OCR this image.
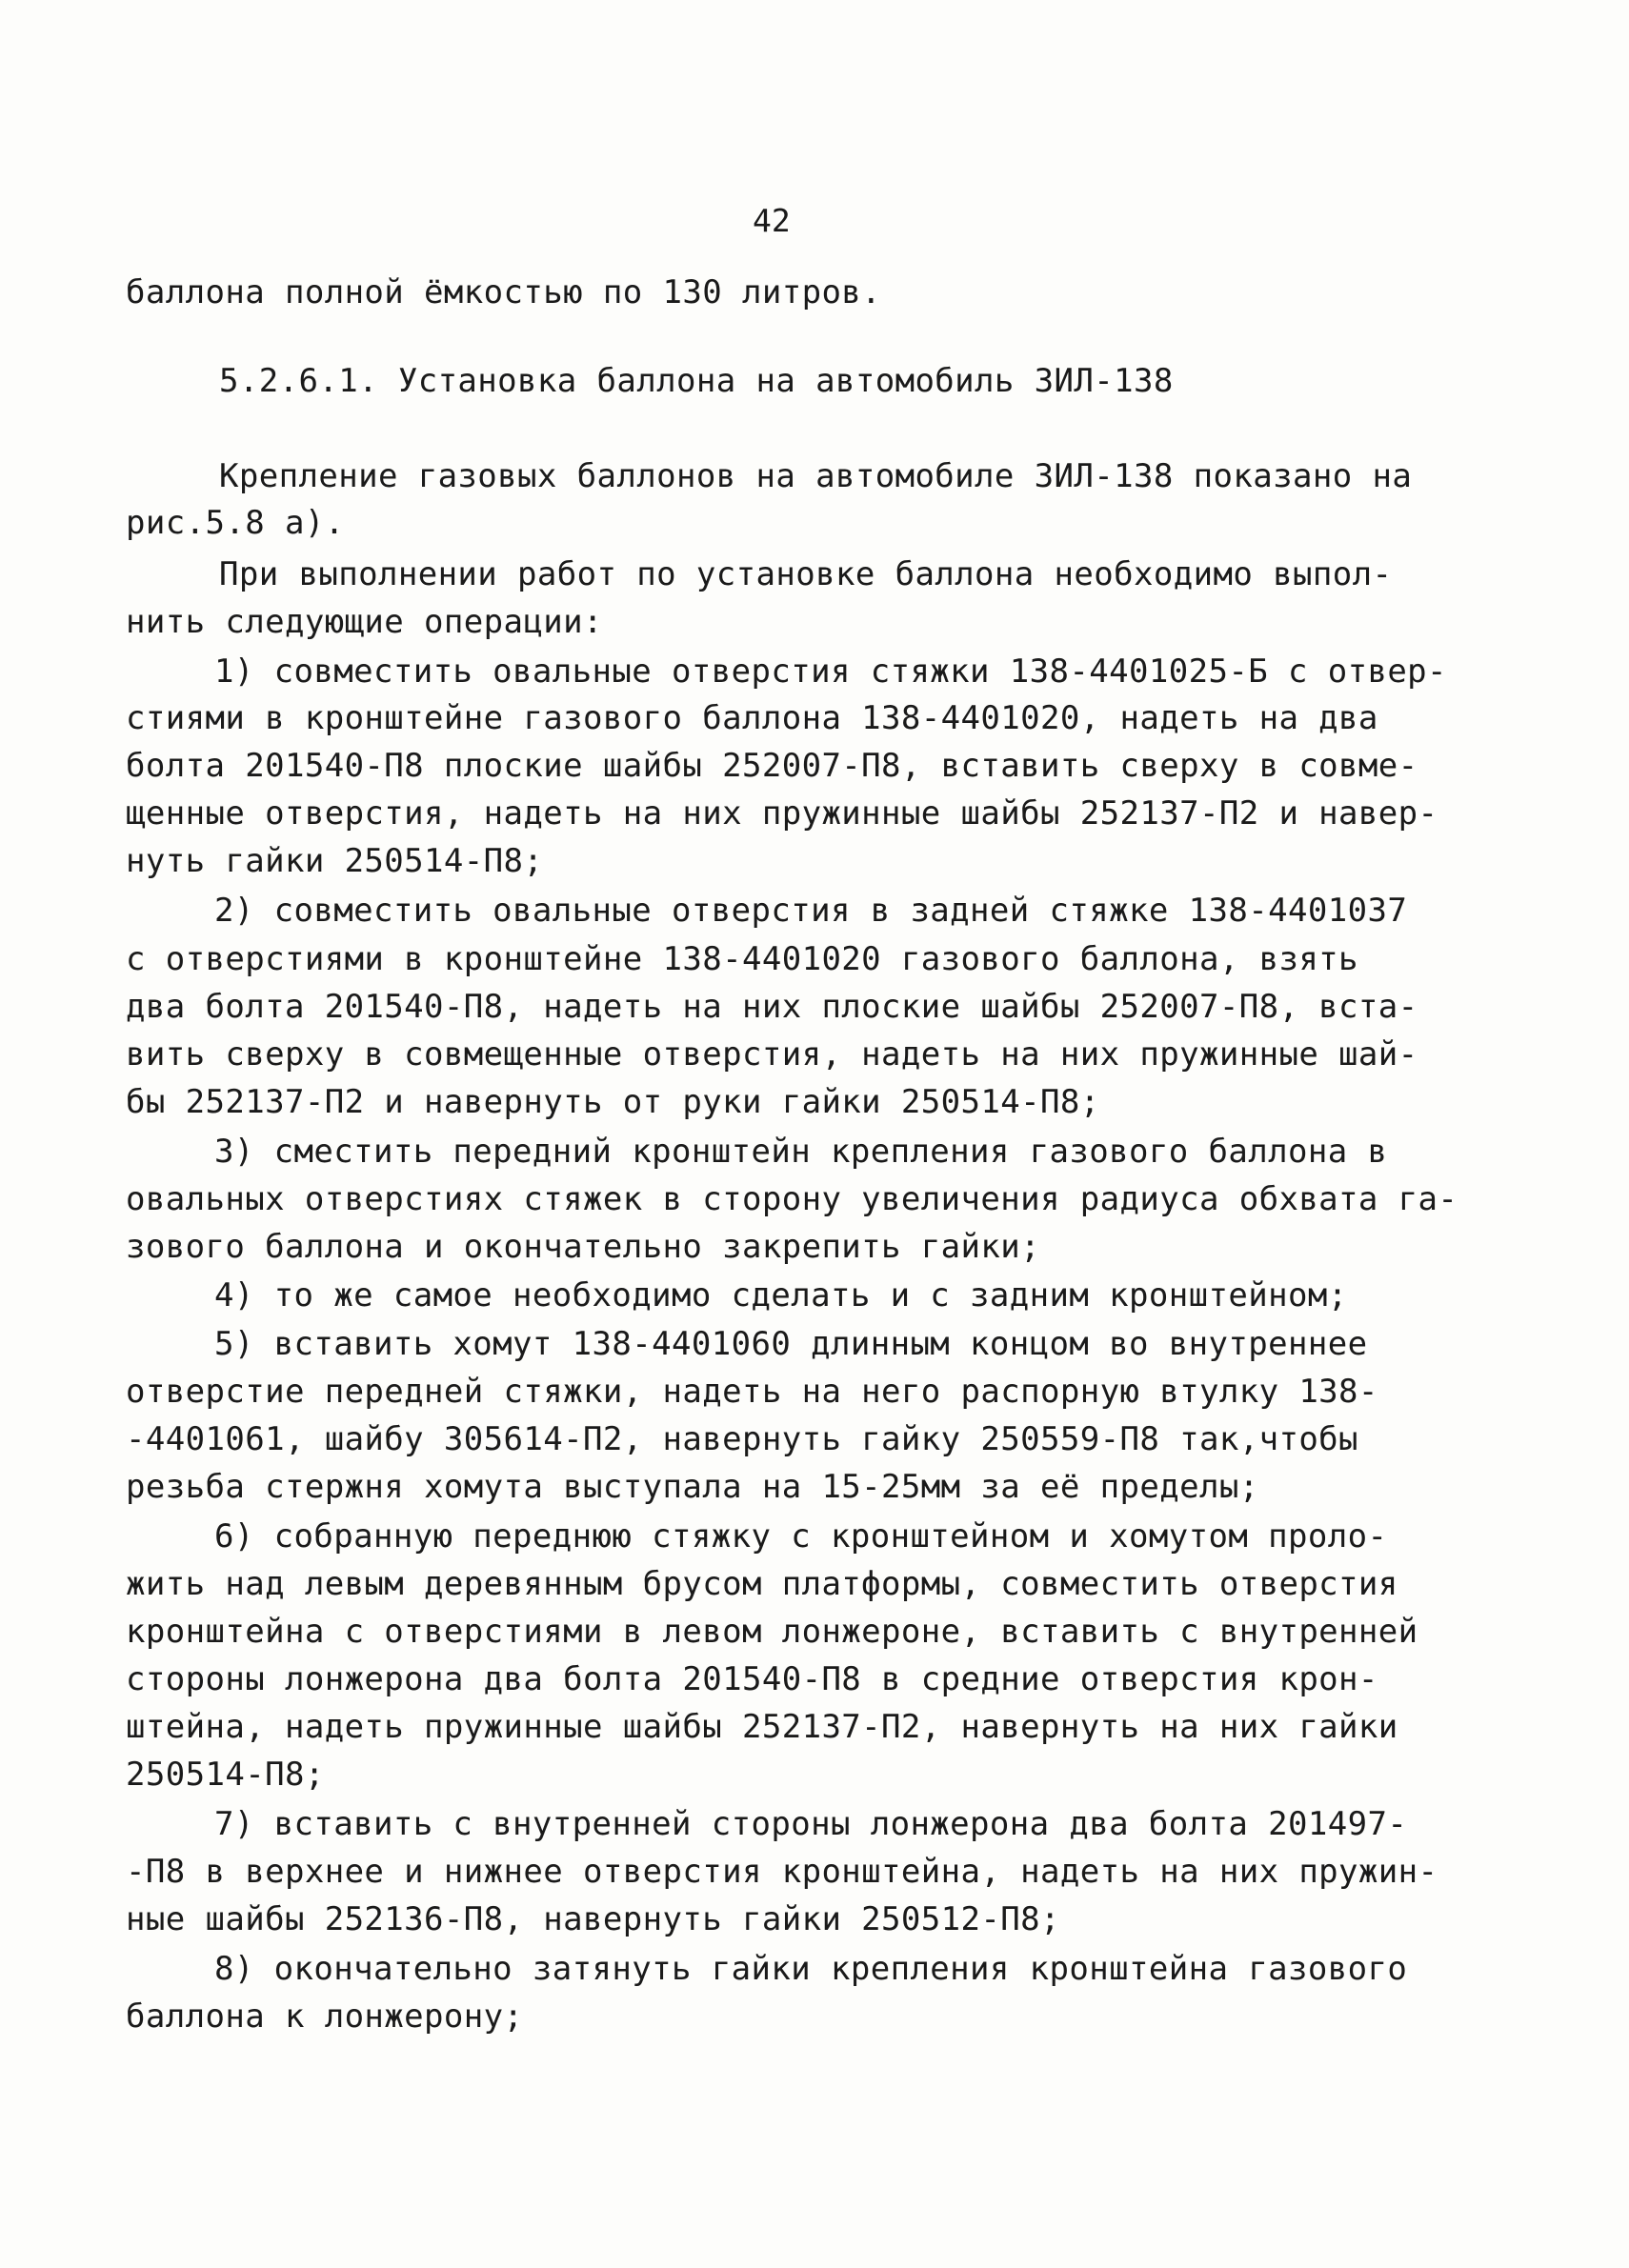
42
баллона полной ёмкостью по 130 литров.
5.2.6.1. Установка баллона на автомобиль ЗИЛ-138
Крепление газовых баллонов на автомобиле ЗИЛ-138 показано на
рис.5.8 а).
При выполнении работ по установке баллона необходимо выпол-
нить следующие операции:
1) совместить овальные отверстия стяжки 138-4401025-Б с отвер-
стиями в кронштейне газового баллона 138-4401020, надеть на два
болта 201540-П8 плоские шайбы 252007-П8, вставить сверху в совме-
щенные отверстия, надеть на них пружинные шайбы 252137-П2 и навер-
нуть гайки 250514-П8;
2) совместить овальные отверстия в задней стяжке 138-4401037
с отверстиями в кронштейне 138-4401020 газового баллона, взять
два болта 201540-П8, надеть на них плоские шайбы 252007-П8, вста-
вить сверху в совмещенные отверстия, надеть на них пружинные шай-
бы 252137-П2 и навернуть от руки гайки 250514-П8;
3) сместить передний кронштейн крепления газового баллона в
овальных отверстиях стяжек в сторону увеличения радиуса обхвата га-
зового баллона и окончательно закрепить гайки;
4) то же самое необходимо сделать и с задним кронштейном;
5) вставить хомут 138-4401060 длинным концом во внутреннее
отверстие передней стяжки, надеть на него распорную втулку 138-
-4401061, шайбу 305614-П2, навернуть гайку 250559-П8 так,чтобы
резьба стержня хомута выступала на 15-25мм за её пределы;
6) собранную переднюю стяжку с кронштейном и хомутом проло-
жить над левым деревянным брусом платформы, совместить отверстия
кронштейна с отверстиями в левом лонжероне, вставить с внутренней
стороны лонжерона два болта 201540-П8 в средние отверстия крон-
штейна, надеть пружинные шайбы 252137-П2, навернуть на них гайки
250514-П8;
7) вставить с внутренней стороны лонжерона два болта 201497-
-П8 в верхнее и нижнее отверстия кронштейна, надеть на них пружин-
ные шайбы 252136-П8, навернуть гайки 250512-П8;
8) окончательно затянуть гайки крепления кронштейна газового
баллона к лонжерону;
